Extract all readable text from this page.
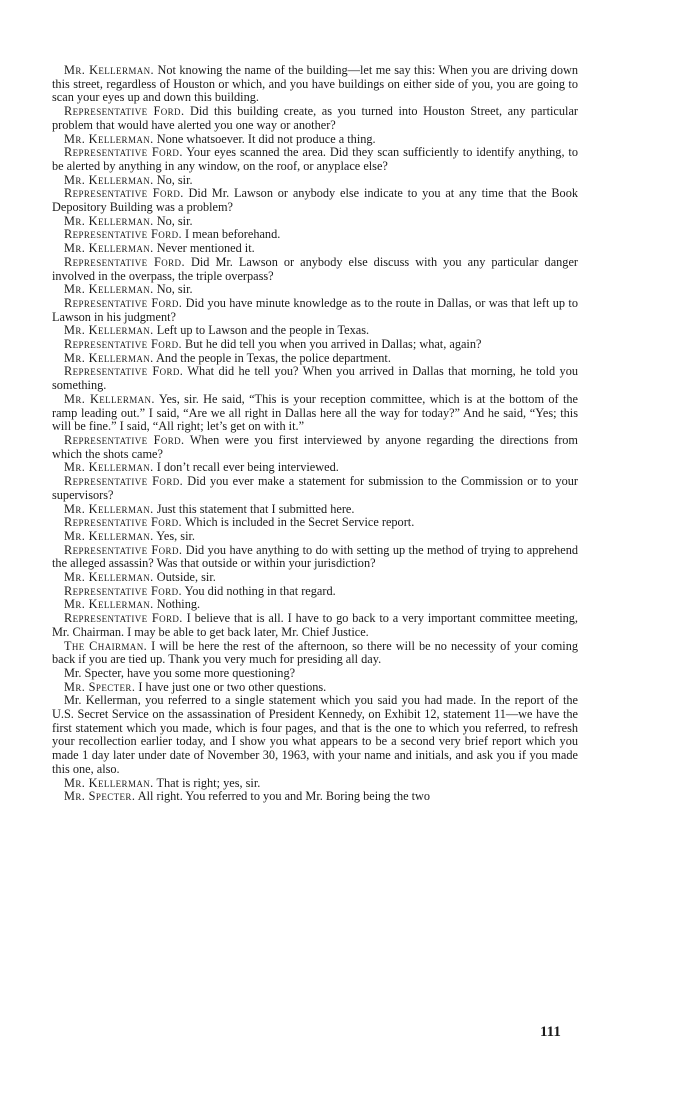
Mr. Kellerman. Not knowing the name of the building—let me say this: When you are driving down this street, regardless of Houston or which, and you have buildings on either side of you, you are going to scan your eyes up and down this building.

Representative Ford. Did this building create, as you turned into Houston Street, any particular problem that would have alerted you one way or another?

Mr. Kellerman. None whatsoever. It did not produce a thing.

Representative Ford. Your eyes scanned the area. Did they scan sufficiently to identify anything, to be alerted by anything in any window, on the roof, or anyplace else?

Mr. Kellerman. No, sir.

Representative Ford. Did Mr. Lawson or anybody else indicate to you at any time that the Book Depository Building was a problem?

Mr. Kellerman. No, sir.

Representative Ford. I mean beforehand.

Mr. Kellerman. Never mentioned it.

Representative Ford. Did Mr. Lawson or anybody else discuss with you any particular danger involved in the overpass, the triple overpass?

Mr. Kellerman. No, sir.

Representative Ford. Did you have minute knowledge as to the route in Dallas, or was that left up to Lawson in his judgment?

Mr. Kellerman. Left up to Lawson and the people in Texas.

Representative Ford. But he did tell you when you arrived in Dallas; what, again?

Mr. Kellerman. And the people in Texas, the police department.

Representative Ford. What did he tell you? When you arrived in Dallas that morning, he told you something.

Mr. Kellerman. Yes, sir. He said, “This is your reception committee, which is at the bottom of the ramp leading out.” I said, “Are we all right in Dallas here all the way for today?” And he said, “Yes; this will be fine.” I said, “All right; let’s get on with it.”

Representative Ford. When were you first interviewed by anyone regarding the directions from which the shots came?

Mr. Kellerman. I don’t recall ever being interviewed.

Representative Ford. Did you ever make a statement for submission to the Commission or to your supervisors?

Mr. Kellerman. Just this statement that I submitted here.

Representative Ford. Which is included in the Secret Service report.

Mr. Kellerman. Yes, sir.

Representative Ford. Did you have anything to do with setting up the method of trying to apprehend the alleged assassin? Was that outside or within your jurisdiction?

Mr. Kellerman. Outside, sir.

Representative Ford. You did nothing in that regard.

Mr. Kellerman. Nothing.

Representative Ford. I believe that is all. I have to go back to a very important committee meeting, Mr. Chairman. I may be able to get back later, Mr. Chief Justice.

The Chairman. I will be here the rest of the afternoon, so there will be no necessity of your coming back if you are tied up. Thank you very much for presiding all day.

Mr. Specter, have you some more questioning?

Mr. Specter. I have just one or two other questions.

Mr. Kellerman, you referred to a single statement which you said you had made. In the report of the U.S. Secret Service on the assassination of President Kennedy, on Exhibit 12, statement 11—we have the first statement which you made, which is four pages, and that is the one to which you referred, to refresh your recollection earlier today, and I show you what appears to be a second very brief report which you made 1 day later under date of November 30, 1963, with your name and initials, and ask you if you made this one, also.

Mr. Kellerman. That is right; yes, sir.

Mr. Specter. All right. You referred to you and Mr. Boring being the two

111
